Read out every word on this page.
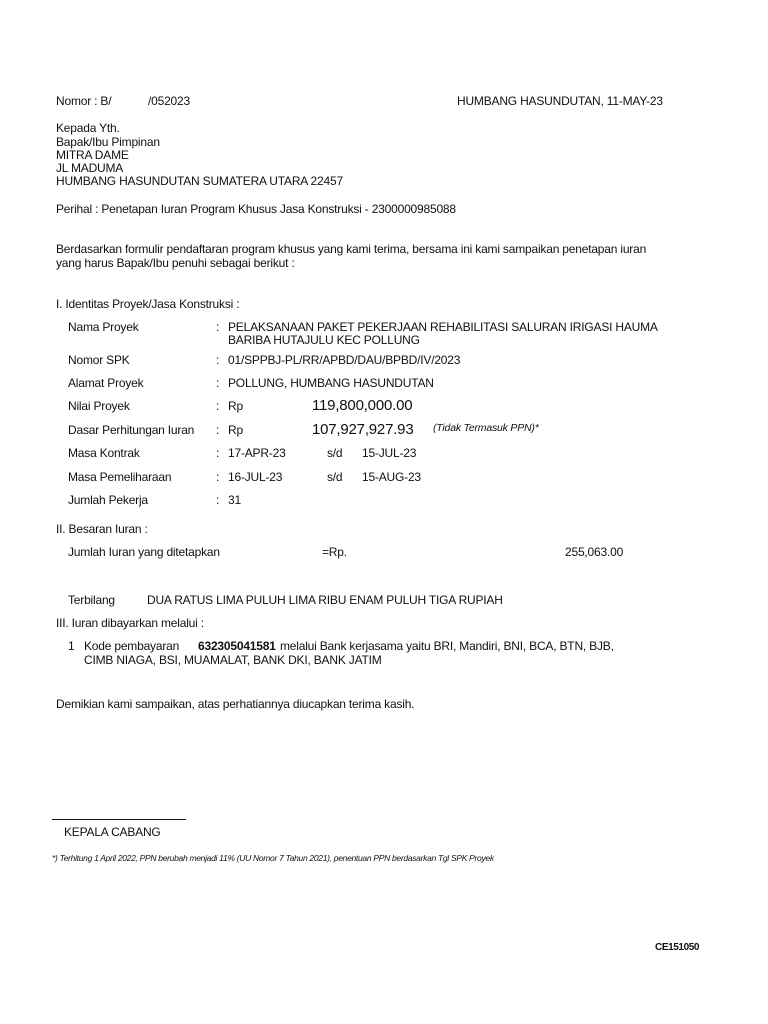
Nomor : B/	/052023	HUMBANG HASUNDUTAN, 11-MAY-23
Kepada Yth.
Bapak/Ibu Pimpinan
MITRA DAME
JL MADUMA
HUMBANG HASUNDUTAN SUMATERA UTARA 22457
Perihal : Penetapan Iuran Program Khusus Jasa Konstruksi - 2300000985088
Berdasarkan formulir pendaftaran program khusus yang kami terima, bersama ini kami sampaikan penetapan iuran
yang harus Bapak/Ibu penuhi sebagai berikut :
I. Identitas Proyek/Jasa Konstruksi :
Nama Proyek	: PELAKSANAAN PAKET PEKERJAAN REHABILITASI SALURAN IRIGASI HAUMA
BARIBA HUTAJULU KEC POLLUNG
Nomor SPK	: 01/SPPBJ-PL/RR/APBD/DAU/BPBD/IV/2023
Alamat Proyek	: POLLUNG, HUMBANG HASUNDUTAN
Nilai Proyek	: Rp	119,800,000.00
Dasar Perhitungan Iuran : Rp	107,927,927.93 (Tidak Termasuk PPN)*
Masa Kontrak	: 17-APR-23	s/d 15-JUL-23
Masa Pemeliharaan	: 16-JUL-23	s/d 15-AUG-23
Jumlah Pekerja	: 31
II. Besaran Iuran :
Jumlah Iuran yang ditetapkan	=Rp.	255,063.00
Terbilang	DUA RATUS LIMA PULUH LIMA RIBU ENAM PULUH TIGA RUPIAH
III. Iuran dibayarkan melalui :
1 Kode pembayaran 632305041581 melalui Bank kerjasama yaitu BRI, Mandiri, BNI, BCA, BTN, BJB,
CIMB NIAGA, BSI, MUAMALAT, BANK DKI, BANK JATIM
Demikian kami sampaikan, atas perhatiannya diucapkan terima kasih.
KEPALA CABANG
*) Terhitung 1 April 2022, PPN berubah menjadi 11% (UU Nomor 7 Tahun 2021), penentuan PPN berdasarkan Tgl SPK Proyek
CE151050
